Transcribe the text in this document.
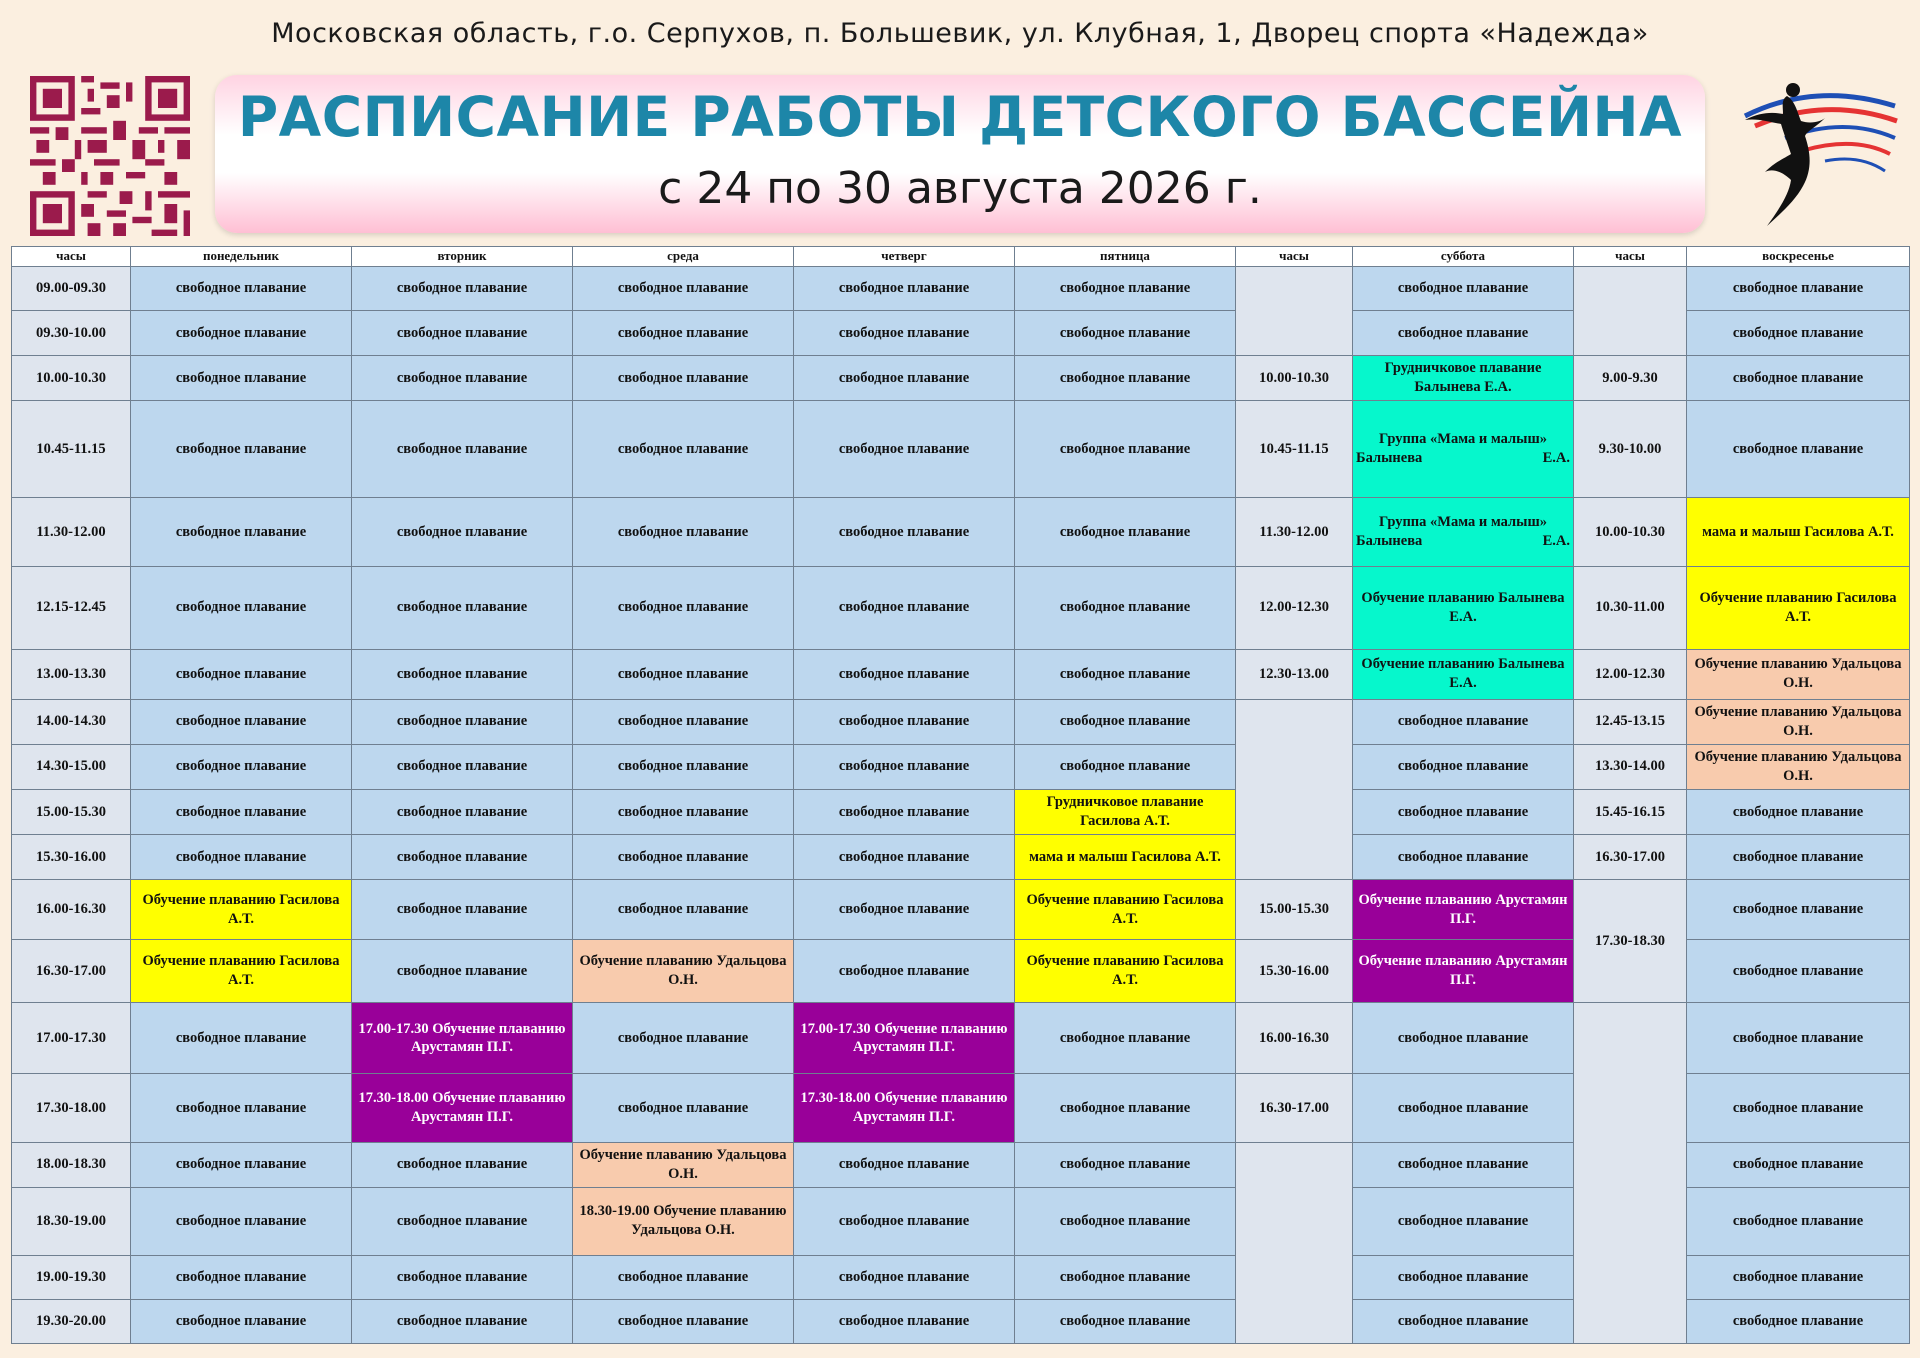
Московская область, г.о. Серпухов, п. Большевик, ул. Клубная, 1, Дворец спорта «Надежда»
РАСПИСАНИЕ РАБОТЫ ДЕТСКОГО БАССЕЙНА
с 24 по 30 августа 2026 г.
часы	понедельник	вторник	среда	четверг	пятница	часы	суббота	часы	воскресенье
09.00-09.30	свободное плавание	свободное плавание	свободное плавание	свободное плавание	свободное плавание		свободное плавание		свободное плавание
09.30-10.00	свободное плавание	свободное плавание	свободное плавание	свободное плавание	свободное плавание		свободное плавание		свободное плавание
10.00-10.30	свободное плавание	свободное плавание	свободное плавание	свободное плавание	свободное плавание	10.00-10.30	Грудничковое плавание Балынева Е.А.	9.00-9.30	свободное плавание
10.45-11.15	свободное плавание	свободное плавание	свободное плавание	свободное плавание	свободное плавание	10.45-11.15	Группа «Мама и малыш» Балынева Е.А.	9.30-10.00	свободное плавание
11.30-12.00	свободное плавание	свободное плавание	свободное плавание	свободное плавание	свободное плавание	11.30-12.00	Группа «Мама и малыш» Балынева Е.А.	10.00-10.30	мама и малыш Гасилова А.Т.
12.15-12.45	свободное плавание	свободное плавание	свободное плавание	свободное плавание	свободное плавание	12.00-12.30	Обучение плаванию Балынева Е.А.	10.30-11.00	Обучение плаванию Гасилова А.Т.
13.00-13.30	свободное плавание	свободное плавание	свободное плавание	свободное плавание	свободное плавание	12.30-13.00	Обучение плаванию Балынева Е.А.	12.00-12.30	Обучение плаванию Удальцова О.Н.
14.00-14.30	свободное плавание	свободное плавание	свободное плавание	свободное плавание	свободное плавание		свободное плавание	12.45-13.15	Обучение плаванию Удальцова О.Н.
14.30-15.00	свободное плавание	свободное плавание	свободное плавание	свободное плавание	свободное плавание		свободное плавание	13.30-14.00	Обучение плаванию Удальцова О.Н.
15.00-15.30	свободное плавание	свободное плавание	свободное плавание	свободное плавание	Грудничковое плавание Гасилова А.Т.		свободное плавание	15.45-16.15	свободное плавание
15.30-16.00	свободное плавание	свободное плавание	свободное плавание	свободное плавание	мама и малыш Гасилова А.Т.		свободное плавание	16.30-17.00	свободное плавание
16.00-16.30	Обучение плаванию Гасилова А.Т.	свободное плавание	свободное плавание	свободное плавание	Обучение плаванию Гасилова А.Т.	15.00-15.30	Обучение плаванию Арустамян П.Г.	17.30-18.30	свободное плавание
16.30-17.00	Обучение плаванию Гасилова А.Т.	свободное плавание	Обучение плаванию Удальцова О.Н.	свободное плавание	Обучение плаванию Гасилова А.Т.	15.30-16.00	Обучение плаванию Арустамян П.Г.		свободное плавание
17.00-17.30	свободное плавание	17.00-17.30 Обучение плаванию Арустамян П.Г.	свободное плавание	17.00-17.30 Обучение плаванию Арустамян П.Г.	свободное плавание	16.00-16.30	свободное плавание		свободное плавание
17.30-18.00	свободное плавание	17.30-18.00 Обучение плаванию Арустамян П.Г.	свободное плавание	17.30-18.00 Обучение плаванию Арустамян П.Г.	свободное плавание	16.30-17.00	свободное плавание		свободное плавание
18.00-18.30	свободное плавание	свободное плавание	Обучение плаванию Удальцова О.Н.	свободное плавание	свободное плавание		свободное плавание		свободное плавание
18.30-19.00	свободное плавание	свободное плавание	18.30-19.00 Обучение плаванию Удальцова О.Н.	свободное плавание	свободное плавание		свободное плавание		свободное плавание
19.00-19.30	свободное плавание	свободное плавание	свободное плавание	свободное плавание	свободное плавание		свободное плавание		свободное плавание
19.30-20.00	свободное плавание	свободное плавание	свободное плавание	свободное плавание	свободное плавание		свободное плавание		свободное плавание
